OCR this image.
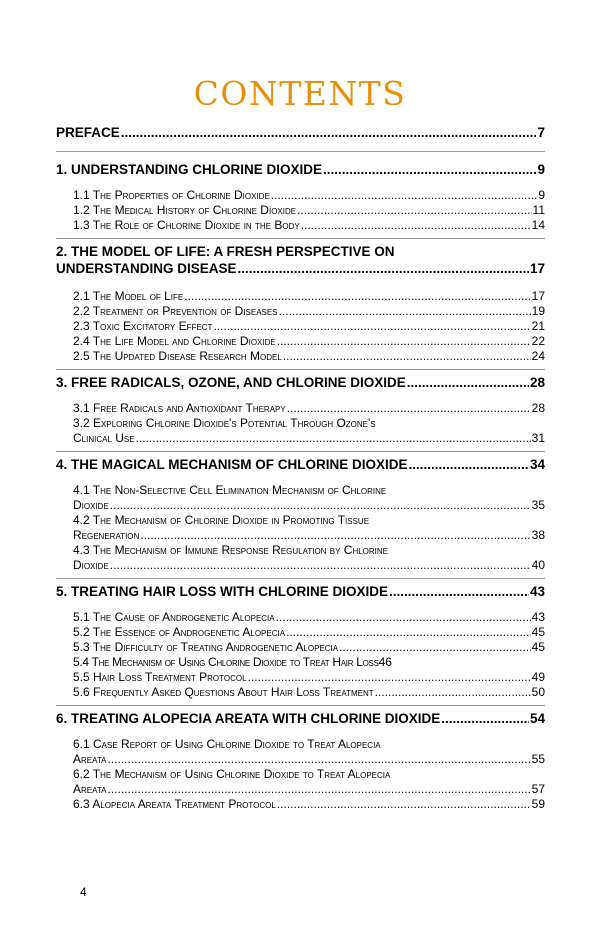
CONTENTS
PREFACE .....	7
1. UNDERSTANDING CHLORINE DIOXIDE .....	9
1.1 The Properties of Chlorine Dioxide .....	9
1.2 The Medical History of Chlorine Dioxide .....	11
1.3 The Role of Chlorine Dioxide in the Body .....	14
2. THE MODEL OF LIFE: A FRESH PERSPECTIVE ON
UNDERSTANDING DISEASE .....	17
2.1 The Model of Life .....	17
2.2 Treatment or Prevention of Diseases .....	19
2.3 Toxic Excitatory Effect .....	21
2.4 The Life Model and Chlorine Dioxide .....	22
2.5 The Updated Disease Research Model .....	24
3. FREE RADICALS, OZONE, AND CHLORINE DIOXIDE .....	28
3.1 Free Radicals and Antioxidant Therapy .....	28
3.2 Exploring Chlorine Dioxide's Potential Through Ozone's
Clinical Use .....	31
4. THE MAGICAL MECHANISM OF CHLORINE DIOXIDE .....	34
4.1 The Non-Selective Cell Elimination Mechanism of Chlorine
Dioxide .....	35
4.2 The Mechanism of Chlorine Dioxide in Promoting Tissue
Regeneration .....	38
4.3 The Mechanism of Immune Response Regulation by Chlorine
Dioxide .....	40
5. TREATING HAIR LOSS WITH CHLORINE DIOXIDE .....	43
5.1 The Cause of Androgenetic Alopecia .....	43
5.2 The Essence of Androgenetic Alopecia .....	45
5.3 The Difficulty of Treating Androgenetic Alopecia .....	45
5.4 The Mechanism of Using Chlorine Dioxide to Treat Hair Loss 46
5.5 Hair Loss Treatment Protocol .....	49
5.6 Frequently Asked Questions About Hair Loss Treatment .....	50
6. TREATING ALOPECIA AREATA WITH CHLORINE DIOXIDE .....	54
6.1 Case Report of Using Chlorine Dioxide to Treat Alopecia
Areata .....	55
6.2 The Mechanism of Using Chlorine Dioxide to Treat Alopecia
Areata .....	57
6.3 Alopecia Areata Treatment Protocol .....	59
4
